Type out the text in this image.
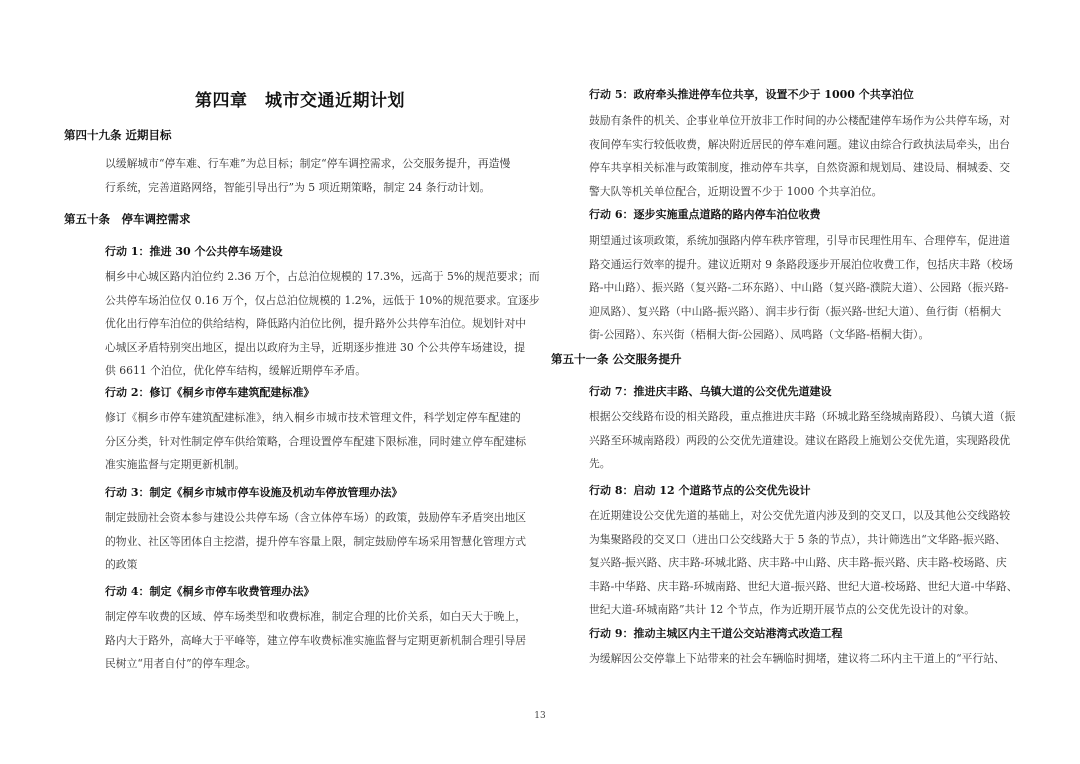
第四章　城市交通近期计划
第四十九条 近期目标
以缓解城市“停车难、行车难”为总目标；制定“停车调控需求，公交服务提升，再造慢
行系统，完善道路网络，智能引导出行”为 5 项近期策略，制定 24 条行动计划。
第五十条　停车调控需求
行动 1：推进 30 个公共停车场建设
桐乡中心城区路内泊位约 2.36 万个，占总泊位规模的 17.3%，远高于 5%的规范要求；而
公共停车场泊位仅 0.16 万个，仅占总泊位规模的 1.2%，远低于 10%的规范要求。宜逐步
优化出行停车泊位的供给结构，降低路内泊位比例，提升路外公共停车泊位。规划针对中
心城区矛盾特别突出地区，提出以政府为主导，近期逐步推进 30 个公共停车场建设，提
供 6611 个泊位，优化停车结构，缓解近期停车矛盾。
行动 2：修订《桐乡市停车建筑配建标准》
修订《桐乡市停车建筑配建标准》，纳入桐乡市城市技术管理文件，科学划定停车配建的
分区分类，针对性制定停车供给策略，合理设置停车配建下限标准，同时建立停车配建标
准实施监督与定期更新机制。
行动 3：制定《桐乡市城市停车设施及机动车停放管理办法》
制定鼓励社会资本参与建设公共停车场（含立体停车场）的政策，鼓励停车矛盾突出地区
的物业、社区等团体自主挖潜，提升停车容量上限，制定鼓励停车场采用智慧化管理方式
的政策
行动 4：制定《桐乡市停车收费管理办法》
制定停车收费的区域、停车场类型和收费标准，制定合理的比价关系，如白天大于晚上，
路内大于路外，高峰大于平峰等，建立停车收费标准实施监督与定期更新机制合理引导居
民树立“用者自付”的停车理念。
行动 5：政府牵头推进停车位共享，设置不少于 1000 个共享泊位
鼓励有条件的机关、企事业单位开放非工作时间的办公楼配建停车场作为公共停车场，对
夜间停车实行较低收费，解决附近居民的停车难问题。建议由综合行政执法局牵头，出台
停车共享相关标准与政策制度，推动停车共享，自然资源和规划局、建设局、桐城委、交
警大队等机关单位配合，近期设置不少于 1000 个共享泊位。
行动 6：逐步实施重点道路的路内停车泊位收费
期望通过该项政策，系统加强路内停车秩序管理，引导市民理性用车、合理停车，促进道
路交通运行效率的提升。建议近期对 9 条路段逐步开展泊位收费工作，包括庆丰路（校场
路-中山路）、振兴路（复兴路-二环东路）、中山路（复兴路-濮院大道）、公园路（振兴路-
迎凤路）、复兴路（中山路-振兴路）、润丰步行街（振兴路-世纪大道）、鱼行街（梧桐大
街-公园路）、东兴街（梧桐大街-公园路）、凤鸣路（文华路-梧桐大街）。
第五十一条 公交服务提升
行动 7：推进庆丰路、乌镇大道的公交优先道建设
根据公交线路布设的相关路段，重点推进庆丰路（环城北路至绕城南路段）、乌镇大道（振
兴路至环城南路段）两段的公交优先道建设。建议在路段上施划公交优先道，实现路段优
先。
行动 8：启动 12 个道路节点的公交优先设计
在近期建设公交优先道的基础上，对公交优先道内涉及到的交叉口，以及其他公交线路较
为集聚路段的交叉口（进出口公交线路大于 5 条的节点），共计筛选出“文华路-振兴路、
复兴路-振兴路、庆丰路-环城北路、庆丰路-中山路、庆丰路-振兴路、庆丰路-校场路、庆
丰路-中华路、庆丰路-环城南路、世纪大道-振兴路、世纪大道-校场路、世纪大道-中华路、
世纪大道-环城南路”共计 12 个节点，作为近期开展节点的公交优先设计的对象。
行动 9：推动主城区内主干道公交站港湾式改造工程
为缓解因公交停靠上下站带来的社会车辆临时拥堵，建议将二环内主干道上的“平行站、
13
